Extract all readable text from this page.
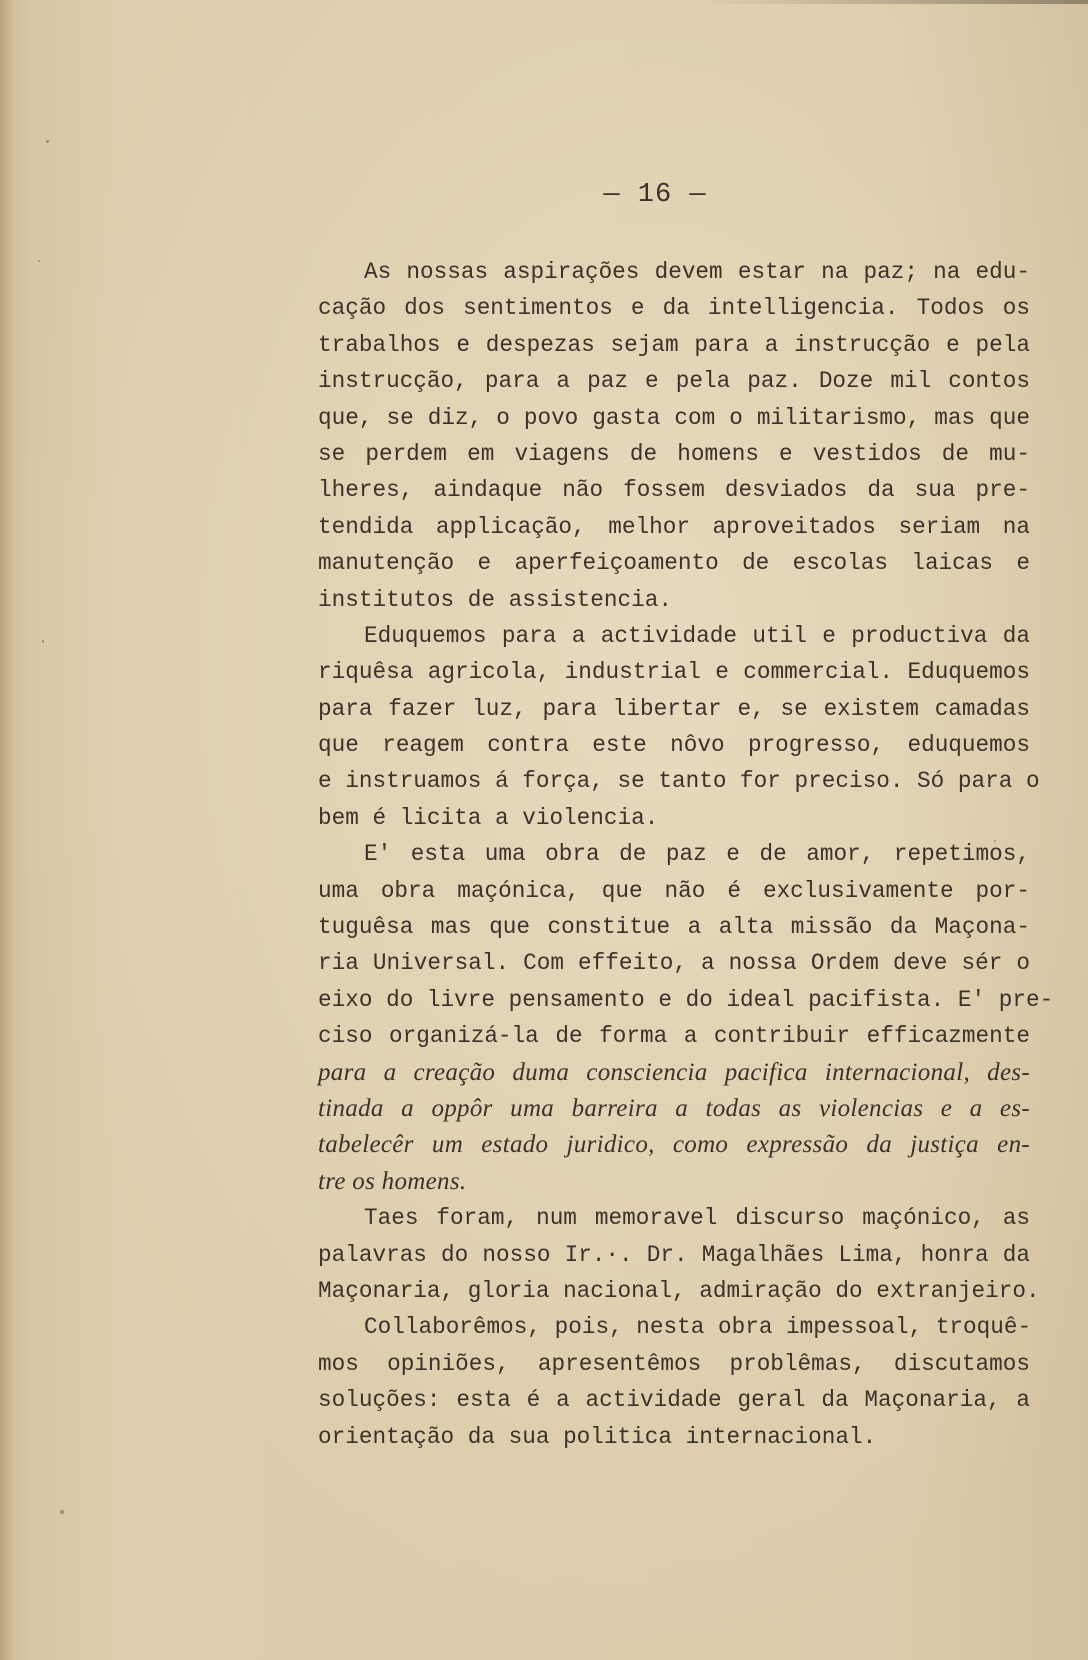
— 16 —
As nossas aspirações devem estar na paz; na edu-
cação dos sentimentos e da intelligencia. Todos os
trabalhos e despezas sejam para a instrucção e pela
instrucção, para a paz e pela paz. Doze mil contos
que, se diz, o povo gasta com o militarismo, mas que
se perdem em viagens de homens e vestidos de mu-
lheres, aindaque não fossem desviados da sua pre-
tendida applicação, melhor aproveitados seriam na
manutenção e aperfeiçoamento de escolas laicas e
institutos de assistencia.
Eduquemos para a actividade util e productiva da
riquêsa agricola, industrial e commercial. Eduquemos
para fazer luz, para libertar e, se existem camadas
que reagem contra este nôvo progresso, eduquemos
e instruamos á força, se tanto for preciso. Só para o
bem é licita a violencia.
E' esta uma obra de paz e de amor, repetimos,
uma obra maçónica, que não é exclusivamente por-
tuguêsa mas que constitue a alta missão da Maçona-
ria Universal. Com effeito, a nossa Ordem deve sér o
eixo do livre pensamento e do ideal pacifista. E' pre-
ciso organizá-la de forma a contribuir efficazmente
para a creação duma consciencia pacifica internacional, des-
tinada a oppôr uma barreira a todas as violencias e a es-
tabelecêr um estado juridico, como expressão da justiça en-
tre os homens.
Taes foram, num memoravel discurso maçónico, as
palavras do nosso Ir.·. Dr. Magalhães Lima, honra da
Maçonaria, gloria nacional, admiração do extranjeiro.
Collaborêmos, pois, nesta obra impessoal, troquê-
mos opiniões, apresentêmos problêmas, discutamos
soluções: esta é a actividade geral da Maçonaria, a
orientação da sua politica internacional.
